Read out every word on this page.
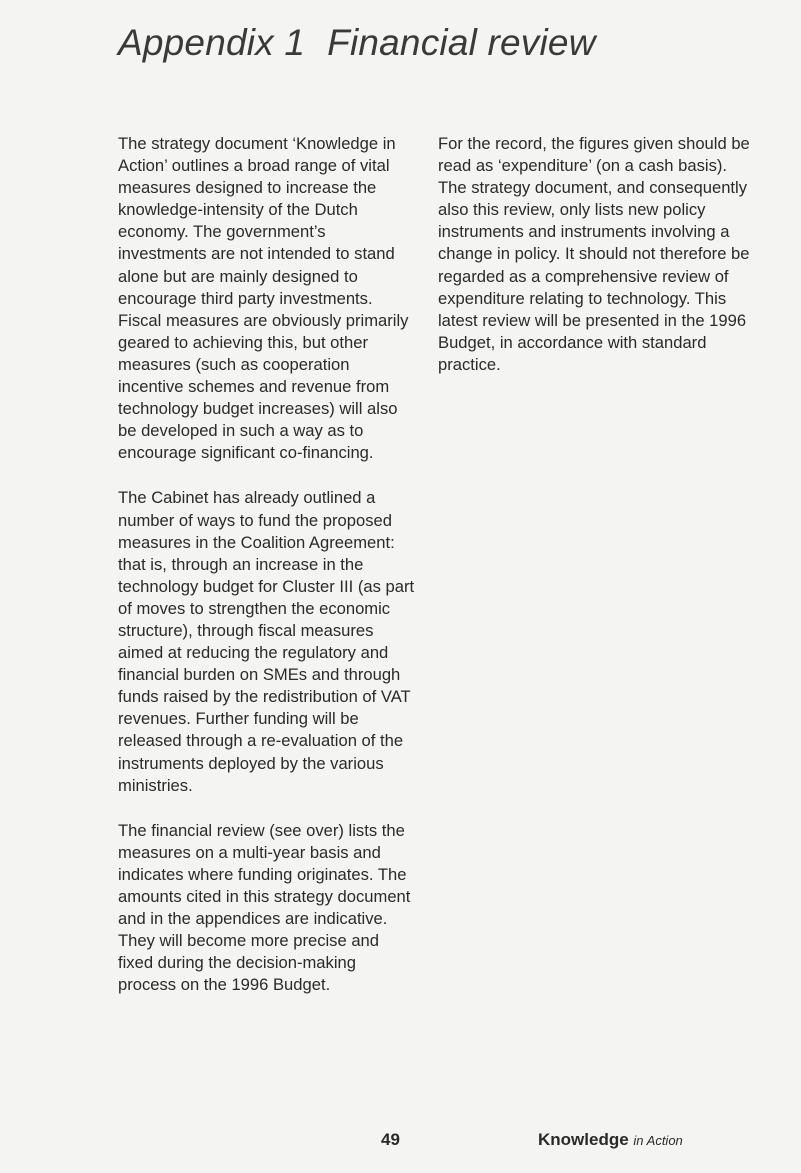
Appendix 1 Financial review

The strategy document ‘Knowledge in Action’ outlines a broad range of vital measures designed to increase the knowledge-intensity of the Dutch economy. The government’s investments are not intended to stand alone but are mainly designed to encourage third party investments. Fiscal measures are obviously primarily geared to achieving this, but other measures (such as cooperation incentive schemes and revenue from technology budget increases) will also be developed in such a way as to encourage significant co-financing.

The Cabinet has already outlined a number of ways to fund the proposed measures in the Coalition Agreement: that is, through an increase in the technology budget for Cluster III (as part of moves to strengthen the economic structure), through fiscal measures aimed at reducing the regulatory and financial burden on SMEs and through funds raised by the redistribution of VAT revenues. Further funding will be released through a re-evaluation of the instruments deployed by the various ministries.

The financial review (see over) lists the measures on a multi-year basis and indicates where funding originates. The amounts cited in this strategy document and in the appendices are indicative. They will become more precise and fixed during the decision-making process on the 1996 Budget.

For the record, the figures given should be read as ‘expenditure’ (on a cash basis). The strategy document, and consequently also this review, only lists new policy instruments and instruments involving a change in policy. It should not therefore be regarded as a comprehensive review of expenditure relating to technology. This latest review will be presented in the 1996 Budget, in accordance with standard practice.

49	Knowledge in Action
